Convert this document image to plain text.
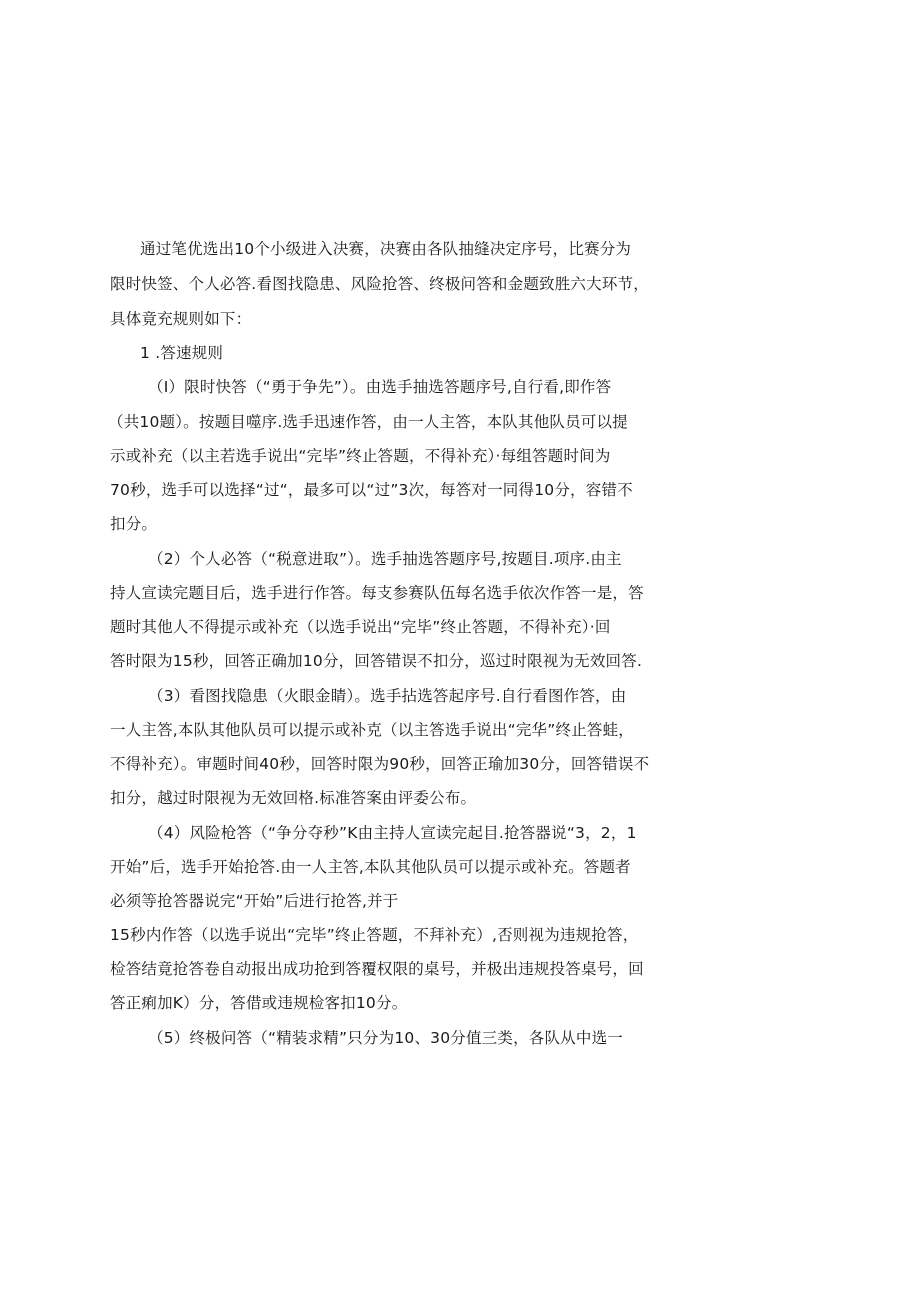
通过笔优选出10个小级进入决赛，决赛由各队抽缝决定序号，比赛分为
限时快签、个人必答.看图找隐患、风险抢答、终极问答和金题致胜六大环节，
具体竟充规则如下：
1 .答速规则
（I）限时快答（“勇于争先”）。由选手抽选答题序号,自行看,即作答
（共10题）。按题目噬序.选手迅速作答，由一人主答，本队其他队员可以提
示或补充（以主若选手说出“完毕”终止答题，不得补充）·每组答题时间为
70秒，选手可以选择“过“，最多可以“过”3次，每答对一同得10分，容错不
扣分。
（2）个人必答（“税意进取”）。选手抽选答题序号,按题目.项序.由主
持人宣读完题目后，选手进行作答。每支参赛队伍每名选手依次作答一是，答
题时其他人不得提示或补充（以选手说出“完毕”终止答题，不得补充）·回
答时限为15秒，回答正确加10分，回答错误不扣分，巡过时限视为无效回答.
（3）看图找隐患（火眼金睛）。选手拈选答起序号.自行看图作答，由
一人主答,本队其他队员可以提示或补克（以主答选手说出“完华”终止答蛙，
不得补充）。审题时间40秒，回答时限为90秒，回答正瑜加30分，回答错误不
扣分，越过时限视为无效回格.标准答案由评委公布。
（4）风险枪答（“争分夺秒”K由主持人宣读完起目.抢答器说“3，2，1
开始”后，选手开始抢答.由一人主答,本队其他队员可以提示或补充。答题者
必须等抢答器说完“开始”后进行抢答,并于
15秒内作答（以选手说出“完毕”终止答题，不拜补充）,否则视为违规抢答，
检答结竟抢答卷自动报出成功抢到答覆权限的桌号，并极出违规投答桌号，回
答正痢加K）分，答借或违规检客扣10分。
（5）终极问答（“精装求精”只分为10、30分值三类，各队从中选一
